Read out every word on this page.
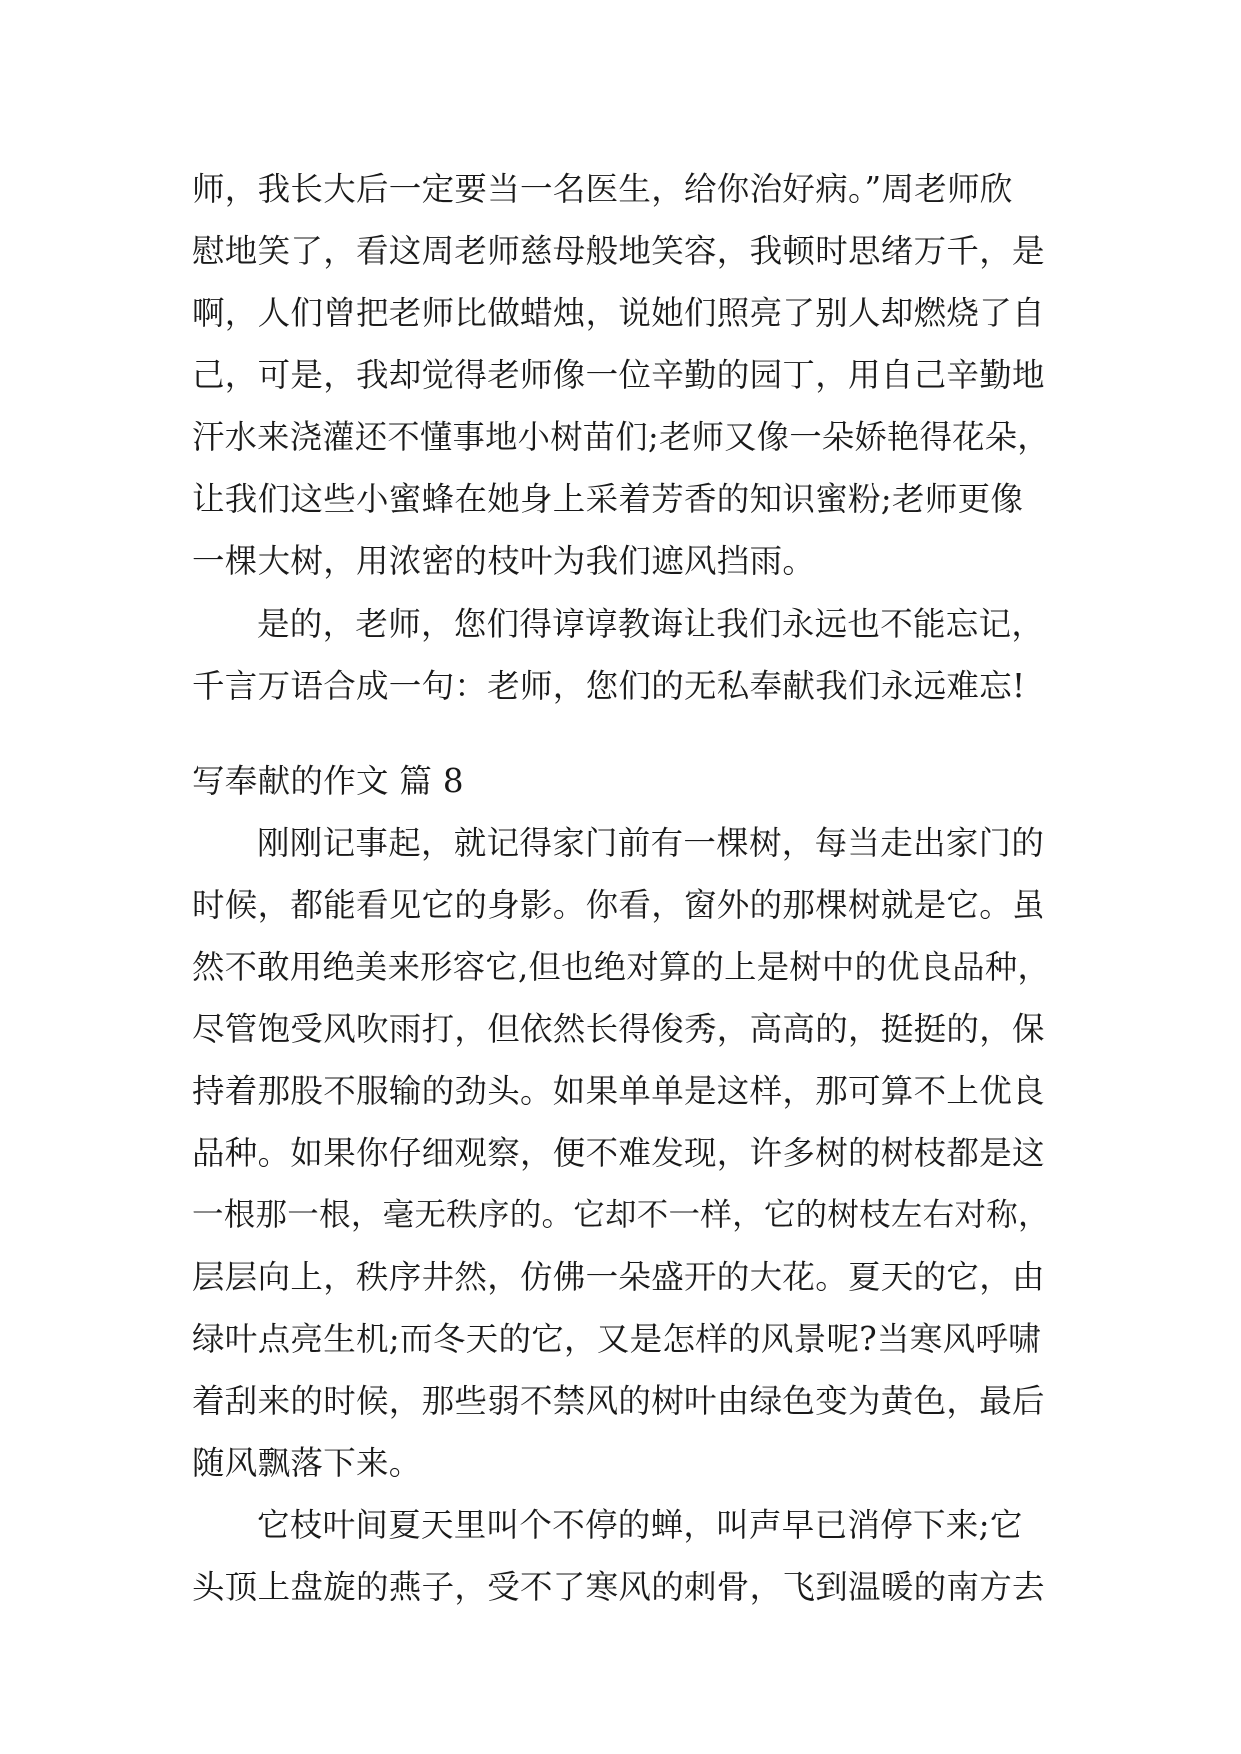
师，我长大后一定要当一名医生，给你治好病。”周老师欣
慰地笑了，看这周老师慈母般地笑容，我顿时思绪万千，是
啊，人们曾把老师比做蜡烛，说她们照亮了别人却燃烧了自
己，可是，我却觉得老师像一位辛勤的园丁，用自己辛勤地
汗水来浇灌还不懂事地小树苗们;老师又像一朵娇艳得花朵，
让我们这些小蜜蜂在她身上采着芳香的知识蜜粉;老师更像
一棵大树，用浓密的枝叶为我们遮风挡雨。
是的，老师，您们得谆谆教诲让我们永远也不能忘记，
千言万语合成一句：老师，您们的无私奉献我们永远难忘!
写奉献的作文 篇 8
刚刚记事起，就记得家门前有一棵树，每当走出家门的
时候，都能看见它的身影。你看，窗外的那棵树就是它。虽
然不敢用绝美来形容它,但也绝对算的上是树中的优良品种，
尽管饱受风吹雨打，但依然长得俊秀，高高的，挺挺的，保
持着那股不服输的劲头。如果单单是这样，那可算不上优良
品种。如果你仔细观察，便不难发现，许多树的树枝都是这
一根那一根，毫无秩序的。它却不一样，它的树枝左右对称，
层层向上，秩序井然，仿佛一朵盛开的大花。夏天的它，由
绿叶点亮生机;而冬天的它，又是怎样的风景呢?当寒风呼啸
着刮来的时候，那些弱不禁风的树叶由绿色变为黄色，最后
随风飘落下来。
它枝叶间夏天里叫个不停的蝉，叫声早已消停下来;它
头顶上盘旋的燕子，受不了寒风的刺骨，飞到温暖的南方去
